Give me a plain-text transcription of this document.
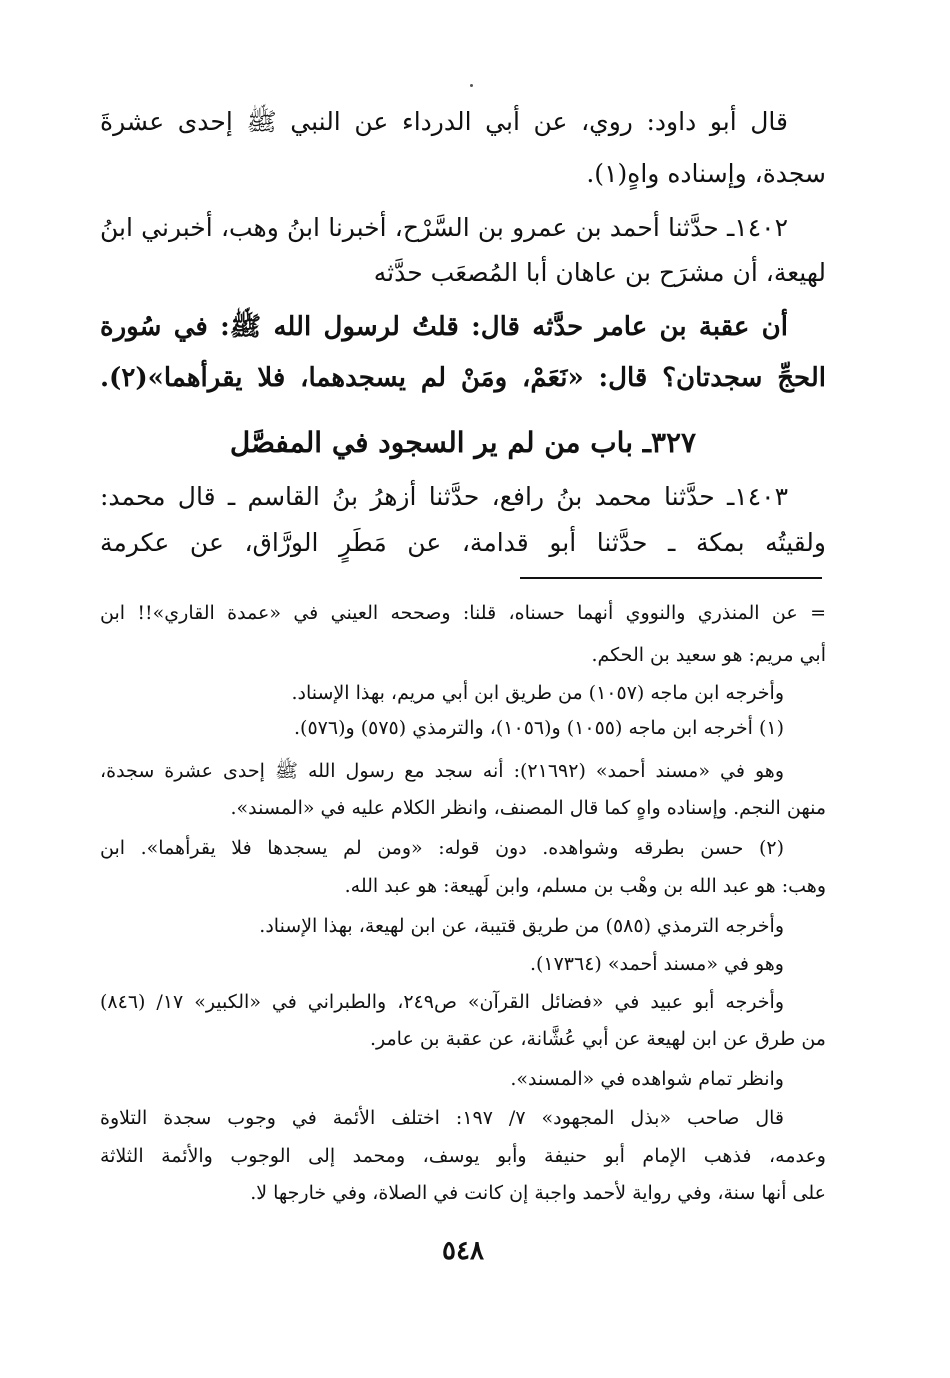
قال أبو داود: روي، عن أبي الدرداء عن النبي ﷺ إحدى عشرةَ
سجدة، وإسناده واهٍ(١).
١٤٠٢ـ حدَّثنا أحمد بن عمرو بن السَّرْح، أخبرنا ابنُ وهب، أخبرني ابنُ
لهيعة، أن مشرَح بن عاهان أبا المُصعَب حدَّثه
أن عقبة بن عامر حدَّثه قال: قلتُ لرسول الله ﷺ: في سُورة
الحجِّ سجدتان؟ قال: «نَعَمْ، ومَنْ لم يسجدهما، فلا يقرأهما»(٢).
٣٢٧ـ باب من لم ير السجود في المفصَّل
١٤٠٣ـ حدَّثنا محمد بنُ رافع، حدَّثنا أزهرُ بنُ القاسم ـ قال محمد:
ولقيتُه بمكة ـ حدَّثنا أبو قدامة، عن مَطَرٍ الورَّاق، عن عكرمة
= عن المنذري والنووي أنهما حسناه، قلنا: وصححه العيني في «عمدة القاري»!! ابن
أبي مريم: هو سعيد بن الحكم.
وأخرجه ابن ماجه (١٠٥٧) من طريق ابن أبي مريم، بهذا الإسناد.
(١) أخرجه ابن ماجه (١٠٥٥) و(١٠٥٦)، والترمذي (٥٧٥) و(٥٧٦).
وهو في «مسند أحمد» (٢١٦٩٢): أنه سجد مع رسول الله ﷺ إحدى عشرة سجدة،
منهن النجم. وإسناده واهٍ كما قال المصنف، وانظر الكلام عليه في «المسند».
(٢) حسن بطرقه وشواهده. دون قوله: «ومن لم يسجدها فلا يقرأهما». ابن
وهب: هو عبد الله بن وهْب بن مسلم، وابن لَهيعة: هو عبد الله.
وأخرجه الترمذي (٥٨٥) من طريق قتيبة، عن ابن لهيعة، بهذا الإسناد.
وهو في «مسند أحمد» (١٧٣٦٤).
وأخرجه أبو عبيد في «فضائل القرآن» ص٢٤٩، والطبراني في «الكبير» ١٧/ (٨٤٦)
من طرق عن ابن لهيعة عن أبي عُشَّانة، عن عقبة بن عامر.
وانظر تمام شواهده في «المسند».
قال صاحب «بذل المجهود» ٧/ ١٩٧: اختلف الأئمة في وجوب سجدة التلاوة
وعدمه، فذهب الإمام أبو حنيفة وأبو يوسف، ومحمد إلى الوجوب والأئمة الثلاثة
على أنها سنة، وفي رواية لأحمد واجبة إن كانت في الصلاة، وفي خارجها لا.
٥٤٨
